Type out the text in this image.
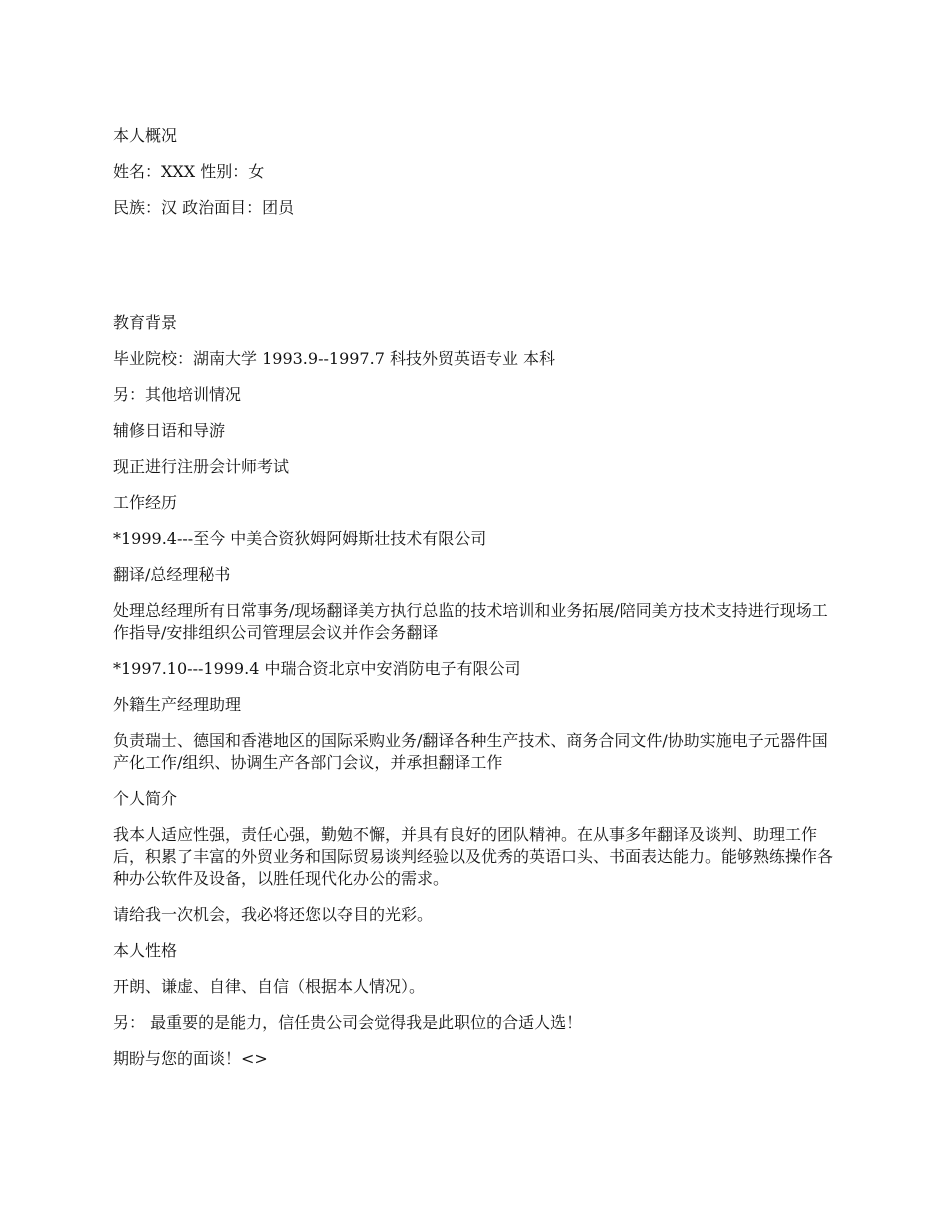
本人概况

姓名：XXX 性别：女

民族：汉 政治面目：团员

教育背景

毕业院校：湖南大学 1993.9--1997.7 科技外贸英语专业 本科

另：其他培训情况

辅修日语和导游

现正进行注册会计师考试

工作经历

*1999.4---至今 中美合资狄姆阿姆斯壮技术有限公司

翻译/总经理秘书

处理总经理所有日常事务/现场翻译美方执行总监的技术培训和业务拓展/陪同美方技术支持进行现场工作指导/安排组织公司管理层会议并作会务翻译

*1997.10---1999.4 中瑞合资北京中安消防电子有限公司

外籍生产经理助理

负责瑞士、德国和香港地区的国际采购业务/翻译各种生产技术、商务合同文件/协助实施电子元器件国产化工作/组织、协调生产各部门会议，并承担翻译工作

个人简介

我本人适应性强，责任心强，勤勉不懈，并具有良好的团队精神。在从事多年翻译及谈判、助理工作后，积累了丰富的外贸业务和国际贸易谈判经验以及优秀的英语口头、书面表达能力。能够熟练操作各种办公软件及设备，以胜任现代化办公的需求。

请给我一次机会，我必将还您以夺目的光彩。

本人性格

开朗、谦虚、自律、自信（根据本人情况）。

另： 最重要的是能力，信任贵公司会觉得我是此职位的合适人选！

期盼与您的面谈！<>
